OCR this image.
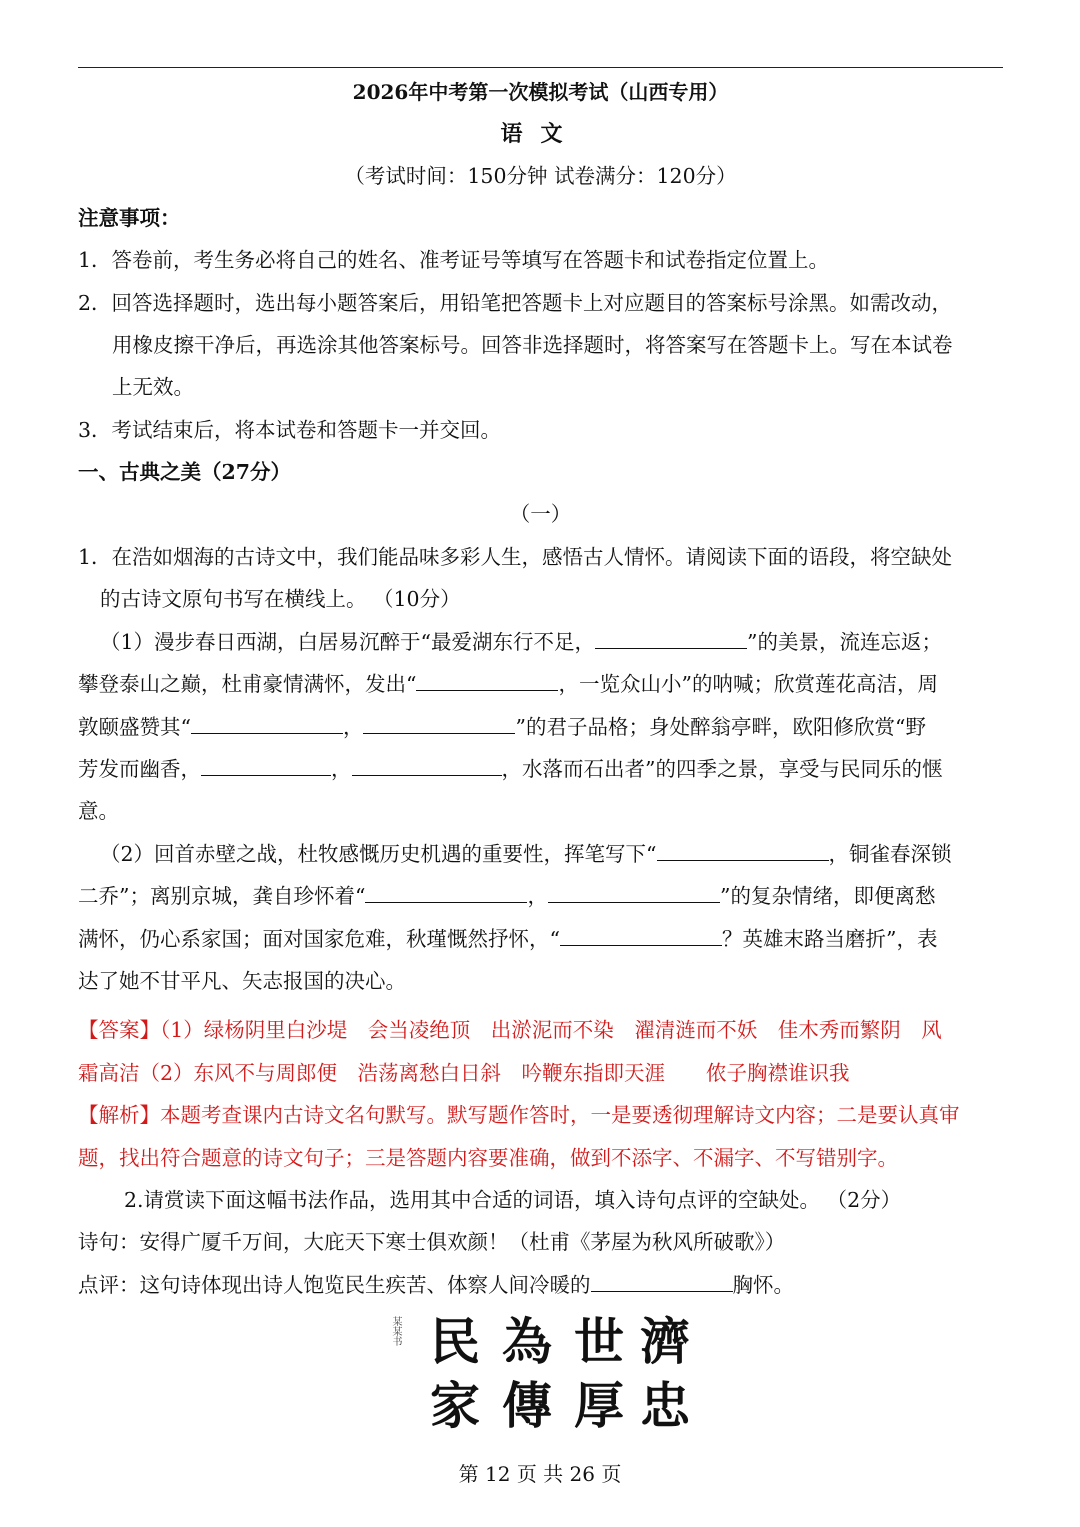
2026年中考第一次模拟考试（山西专用）
语文
（考试时间：150分钟 试卷满分：120分）
注意事项：
1．答卷前，考生务必将自己的姓名、准考证号等填写在答题卡和试卷指定位置上。
2．回答选择题时，选出每小题答案后，用铅笔把答题卡上对应题目的答案标号涂黑。如需改动，
用橡皮擦干净后，再选涂其他答案标号。回答非选择题时，将答案写在答题卡上。写在本试卷
上无效。
3．考试结束后，将本试卷和答题卡一并交回。
一、古典之美（27分）
（一）
1．在浩如烟海的古诗文中，我们能品味多彩人生，感悟古人情怀。请阅读下面的语段，将空缺处
的古诗文原句书写在横线上。 （10分）
（1）漫步春日西湖，白居易沉醉于“最爱湖东行不足，	”的美景，流连忘返；
攀登泰山之巅，杜甫豪情满怀，发出“	，一览众山小”的呐喊；欣赏莲花高洁，周
敦颐盛赞其“	，	”的君子品格；身处醉翁亭畔，欧阳修欣赏“野
芳发而幽香，	，	，水落而石出者”的四季之景，享受与民同乐的惬
意。
（2）回首赤壁之战，杜牧感慨历史机遇的重要性，挥笔写下“	，铜雀春深锁
二乔”；离别京城，龚自珍怀着“	，	”的复杂情绪，即便离愁
满怀，仍心系家国；面对国家危难，秋瑾慨然抒怀，“	？英雄末路当磨折”，表
达了她不甘平凡、矢志报国的决心。
【答案】（1）绿杨阴里白沙堤　会当凌绝顶　出淤泥而不染　濯清涟而不妖　佳木秀而繁阴　风
霜高洁（2）东风不与周郎便　浩荡离愁白日斜　吟鞭东指即天涯　　侬子胸襟谁识我
【解析】本题考查课内古诗文名句默写。默写题作答时，一是要透彻理解诗文内容；二是要认真审
题，找出符合题意的诗文句子；三是答题内容要准确，做到不添字、不漏字、不写错别字。
2.请赏读下面这幅书法作品，选用其中合适的词语，填入诗句点评的空缺处。 （2分）
诗句：安得广厦千万间，大庇天下寒士俱欢颜！（杜甫《茅屋为秋风所破歌》）
点评：这句诗体现出诗人饱览民生疾苦、体察人间冷暖的	胸怀。
某某书 民 為 世 濟
家 傳 厚 忠
第 12 页 共 26 页
